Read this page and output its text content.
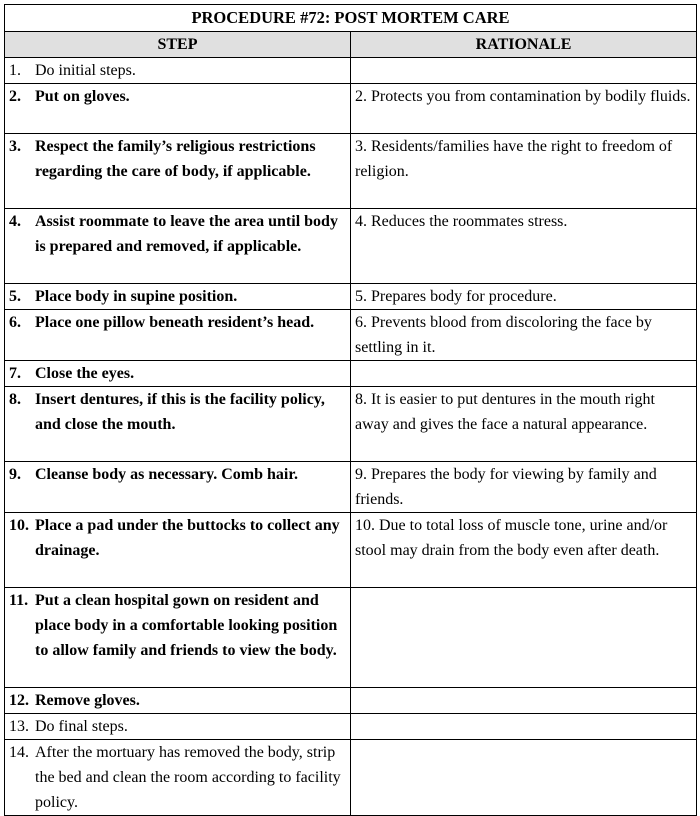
PROCEDURE #72: POST MORTEM CARE	
STEP	RATIONALE

1. Do initial steps.	

2. Put on gloves.	2. Protects you from contamination by bodily fluids.

3. Respect the family’s religious restrictions regarding the care of body, if applicable.	3. Residents/families have the right to freedom of religion.

4. Assist roommate to leave the area until body is prepared and removed, if applicable.	4. Reduces the roommates stress.

5. Place body in supine position.	5. Prepares body for procedure.

6. Place one pillow beneath resident’s head.	6. Prevents blood from discoloring the face by settling in it.

7. Close the eyes.	

8. Insert dentures, if this is the facility policy, and close the mouth.	8. It is easier to put dentures in the mouth right away and gives the face a natural appearance.

9. Cleanse body as necessary. Comb hair.	9. Prepares the body for viewing by family and friends.

10. Place a pad under the buttocks to collect any drainage.	10. Due to total loss of muscle tone, urine and/or stool may drain from the body even after death.

11. Put a clean hospital gown on resident and place body in a comfortable looking position to allow family and friends to view the body.	

12. Remove gloves.	

13. Do final steps.	

14. After the mortuary has removed the body, strip the bed and clean the room according to facility policy.	
